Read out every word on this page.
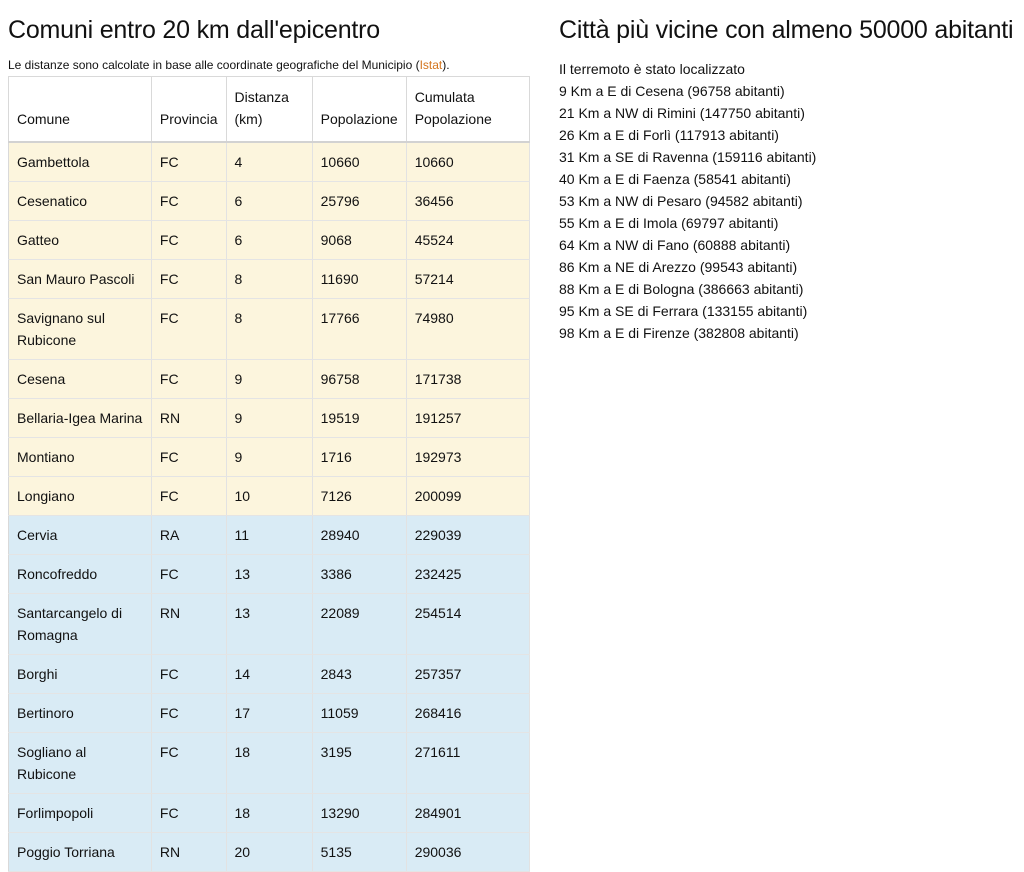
Comuni entro 20 km dall'epicentro

Le distanze sono calcolate in base alle coordinate geografiche del Municipio (Istat).

Comune	Provincia	Distanza (km)	Popolazione	Cumulata Popolazione
Gambettola	FC	4	10660	10660
Cesenatico	FC	6	25796	36456
Gatteo	FC	6	9068	45524
San Mauro Pascoli	FC	8	11690	57214
Savignano sul Rubicone	FC	8	17766	74980
Cesena	FC	9	96758	171738
Bellaria-Igea Marina	RN	9	19519	191257
Montiano	FC	9	1716	192973
Longiano	FC	10	7126	200099
Cervia	RA	11	28940	229039
Roncofreddo	FC	13	3386	232425
Santarcangelo di Romagna	RN	13	22089	254514
Borghi	FC	14	2843	257357
Bertinoro	FC	17	11059	268416
Sogliano al Rubicone	FC	18	3195	271611
Forlimpopoli	FC	18	13290	284901
Poggio Torriana	RN	20	5135	290036
Città più vicine con almeno 50000 abitanti
Il terremoto è stato localizzato
9 Km a E di Cesena (96758 abitanti)
21 Km a NW di Rimini (147750 abitanti)
26 Km a E di Forlì (117913 abitanti)
31 Km a SE di Ravenna (159116 abitanti)
40 Km a E di Faenza (58541 abitanti)
53 Km a NW di Pesaro (94582 abitanti)
55 Km a E di Imola (69797 abitanti)
64 Km a NW di Fano (60888 abitanti)
86 Km a NE di Arezzo (99543 abitanti)
88 Km a E di Bologna (386663 abitanti)
95 Km a SE di Ferrara (133155 abitanti)
98 Km a E di Firenze (382808 abitanti)
